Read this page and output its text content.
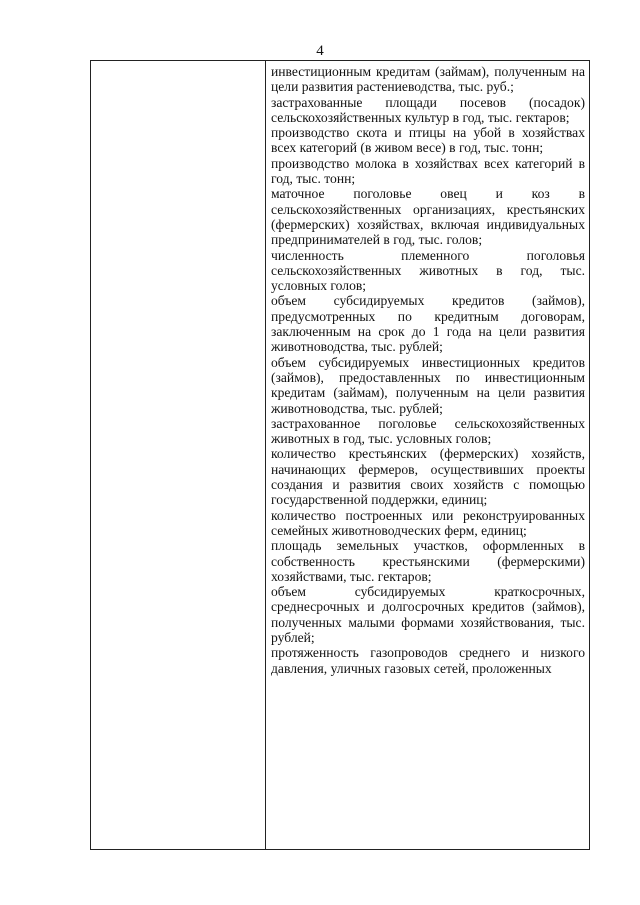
4

инвестиционным кредитам (займам), полученным на цели развития растениеводства, тыс. руб.;

застрахованные площади посевов (посадок) сельскохозяйственных культур в год, тыс. гектаров;

производство скота и птицы на убой в хозяйствах всех категорий (в живом весе) в год, тыс. тонн;

производство молока в хозяйствах всех категорий в год, тыс. тонн;

маточное поголовье овец и коз в сельскохозяйственных организациях, крестьянских (фермерских) хозяйствах, включая индивидуальных предпринимателей в год, тыс. голов;

численность племенного поголовья сельскохозяйственных животных в год, тыс. условных голов;

объем субсидируемых кредитов (займов), предусмотренных по кредитным договорам, заключенным на срок до 1 года на цели развития животноводства, тыс. рублей;

объем субсидируемых инвестиционных кредитов (займов), предоставленных по инвестиционным кредитам (займам), полученным на цели развития животноводства, тыс. рублей;

застрахованное поголовье сельскохозяйственных животных в год, тыс. условных голов;

количество крестьянских (фермерских) хозяйств, начинающих фермеров, осуществивших проекты создания и развития своих хозяйств с помощью государственной поддержки, единиц;

количество построенных или реконструированных семейных животноводческих ферм, единиц;

площадь земельных участков, оформленных в собственность крестьянскими (фермерскими) хозяйствами, тыс. гектаров;

объем субсидируемых краткосрочных, среднесрочных и долгосрочных кредитов (займов), полученных малыми формами хозяйствования, тыс. рублей;

протяженность газопроводов среднего и низкого давления, уличных газовых сетей, проложенных
